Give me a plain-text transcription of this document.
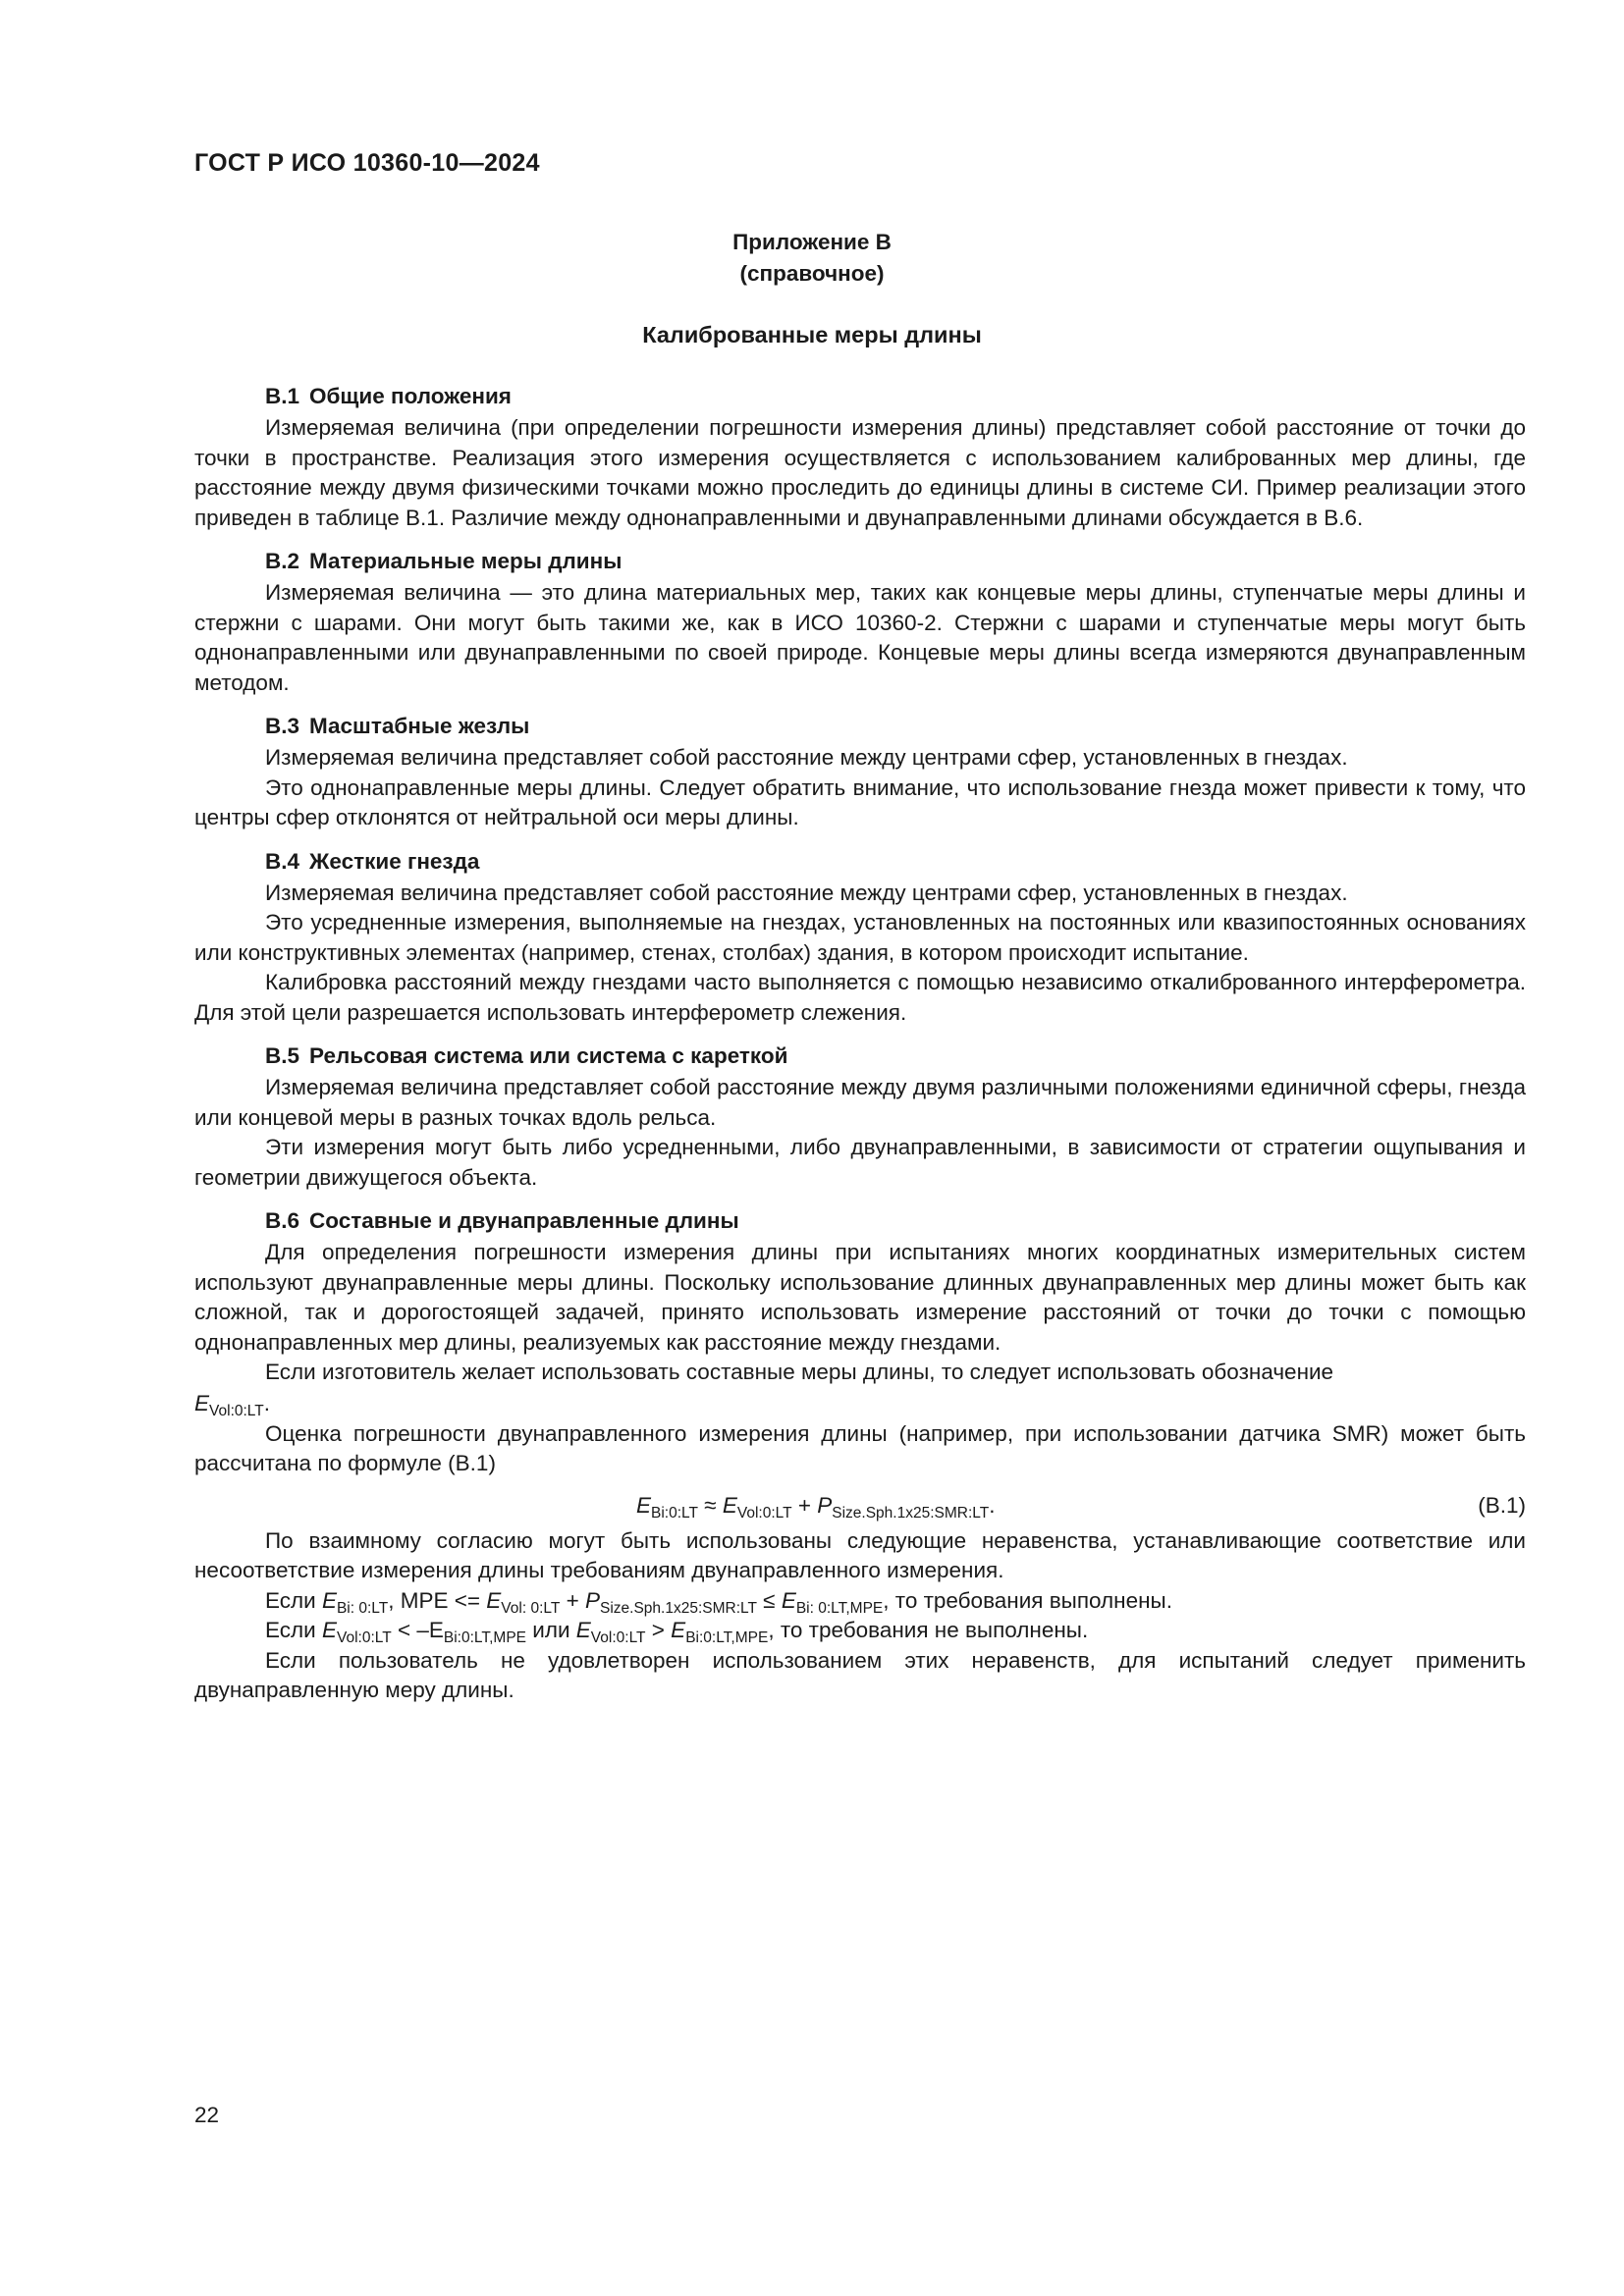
ГОСТ Р ИСО 10360-10—2024
Приложение В
(справочное)
Калиброванные меры длины
В.1 Общие положения

Измеряемая величина (при определении погрешности измерения длины) представляет собой расстояние от точки до точки в пространстве. Реализация этого измерения осуществляется с использованием калиброванных мер длины, где расстояние между двумя физическими точками можно проследить до единицы длины в системе СИ. Пример реализации этого приведен в таблице В.1. Различие между однонаправленными и двунаправленными длинами обсуждается в В.6.

В.2 Материальные меры длины

Измеряемая величина — это длина материальных мер, таких как концевые меры длины, ступенчатые меры длины и стержни с шарами. Они могут быть такими же, как в ИСО 10360-2. Стержни с шарами и ступенчатые меры могут быть однонаправленными или двунаправленными по своей природе. Концевые меры длины всегда измеряются двунаправленным методом.

В.3 Масштабные жезлы

Измеряемая величина представляет собой расстояние между центрами сфер, установленных в гнездах.

Это однонаправленные меры длины. Следует обратить внимание, что использование гнезда может привести к тому, что центры сфер отклонятся от нейтральной оси меры длины.

В.4 Жесткие гнезда

Измеряемая величина представляет собой расстояние между центрами сфер, установленных в гнездах.

Это усредненные измерения, выполняемые на гнездах, установленных на постоянных или квазипостоянных основаниях или конструктивных элементах (например, стенах, столбах) здания, в котором происходит испытание.

Калибровка расстояний между гнездами часто выполняется с помощью независимо откалиброванного интерферометра. Для этой цели разрешается использовать интерферометр слежения.

В.5 Рельсовая система или система с кареткой

Измеряемая величина представляет собой расстояние между двумя различными положениями единичной сферы, гнезда или концевой меры в разных точках вдоль рельса.

Эти измерения могут быть либо усредненными, либо двунаправленными, в зависимости от стратегии ощупывания и геометрии движущегося объекта.

В.6 Составные и двунаправленные длины

Для определения погрешности измерения длины при испытаниях многих координатных измерительных систем используют двунаправленные меры длины. Поскольку использование длинных двунаправленных мер длины может быть как сложной, так и дорогостоящей задачей, принято использовать измерение расстояний от точки до точки с помощью однонаправленных мер длины, реализуемых как расстояние между гнездами.

Если изготовитель желает использовать составные меры длины, то следует использовать обозначение

$E_{Vol:0:LT}$.

Оценка погрешности двунаправленного измерения длины (например, при использовании датчика SMR) может быть рассчитана по формуле (В.1)

$E_{Bi:0:LT} \approx E_{Vol:0:LT} + P_{Size.Sph.1x25:SMR:LT}$.	(В.1)

По взаимному согласию могут быть использованы следующие неравенства, устанавливающие соответствие или несоответствие измерения длины требованиям двунаправленного измерения.

Если $E_{Bi: 0:LT}$, MPE <= $E_{Vol: 0:LT} + P_{Size.Sph.1x25:SMR:LT} \le E_{Bi: 0:LT,MPE}$, то требования выполнены.

Если $E_{Vol:0:LT} < -E_{Bi:0:LT,MPE}$ или $E_{Vol:0:LT} > E_{Bi:0:LT,MPE}$, то требования не выполнены.

Если пользователь не удовлетворен использованием этих неравенств, для испытаний следует применить двунаправленную меру длины.

22
